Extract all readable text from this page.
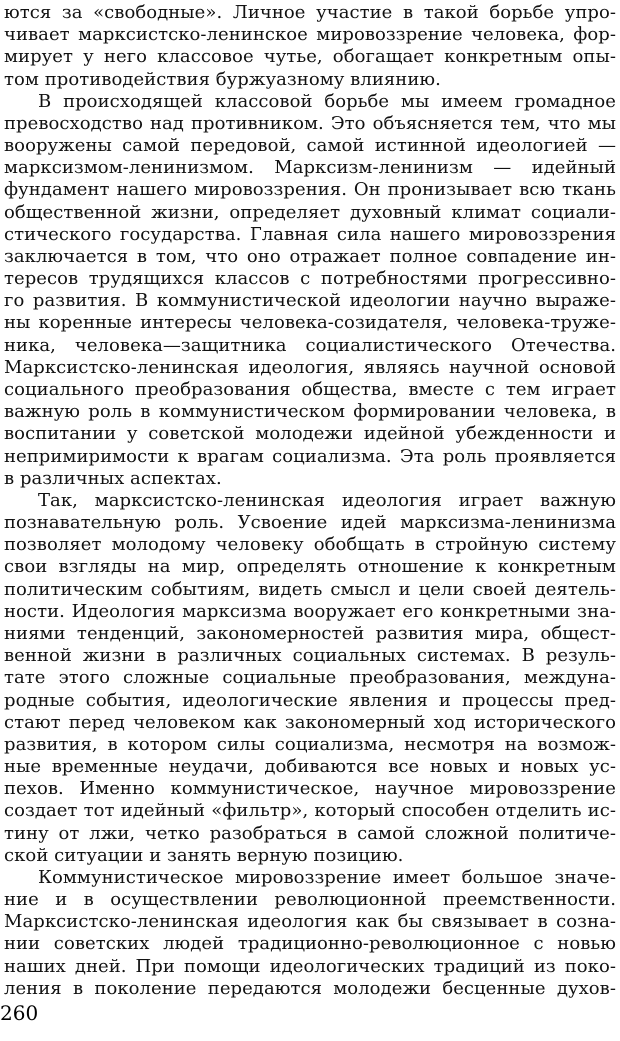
ются за «свободные». Личное участие в такой борьбе упро-
чивает марксистско-ленинское мировоззрение человека, фор-
мирует у него классовое чутье, обогащает конкретным опы-
том противодействия буржуазному влиянию.
В происходящей классовой борьбе мы имеем громадное
превосходство над противником. Это объясняется тем, что мы
вооружены самой передовой, самой истинной идеологией —
марксизмом-ленинизмом. Марксизм-ленинизм — идейный
фундамент нашего мировоззрения. Он пронизывает всю ткань
общественной жизни, определяет духовный климат социали-
стического государства. Главная сила нашего мировоззрения
заключается в том, что оно отражает полное совпадение ин-
тересов трудящихся классов с потребностями прогрессивно-
го развития. В коммунистической идеологии научно выраже-
ны коренные интересы человека-созидателя, человека-труже-
ника, человека—защитника социалистического Отечества.
Марксистско-ленинская идеология, являясь научной основой
социального преобразования общества, вместе с тем играет
важную роль в коммунистическом формировании человека, в
воспитании у советской молодежи идейной убежденности и
непримиримости к врагам социализма. Эта роль проявляется
в различных аспектах.
Так, марксистско-ленинская идеология играет важную
познавательную роль. Усвоение идей марксизма-ленинизма
позволяет молодому человеку обобщать в стройную систему
свои взгляды на мир, определять отношение к конкретным
политическим событиям, видеть смысл и цели своей деятель-
ности. Идеология марксизма вооружает его конкретными зна-
ниями тенденций, закономерностей развития мира, общест-
венной жизни в различных социальных системах. В резуль-
тате этого сложные социальные преобразования, междуна-
родные события, идеологические явления и процессы пред-
стают перед человеком как закономерный ход исторического
развития, в котором силы социализма, несмотря на возмож-
ные временные неудачи, добиваются все новых и новых ус-
пехов. Именно коммунистическое, научное мировоззрение
создает тот идейный «фильтр», который способен отделить ис-
тину от лжи, четко разобраться в самой сложной политиче-
ской ситуации и занять верную позицию.
Коммунистическое мировоззрение имеет большое значе-
ние и в осуществлении революционной преемственности.
Марксистско-ленинская идеология как бы связывает в созна-
нии советских людей традиционно-революционное с новью
наших дней. При помощи идеологических традиций из поко-
ления в поколение передаются молодежи бесценные духов-
260
